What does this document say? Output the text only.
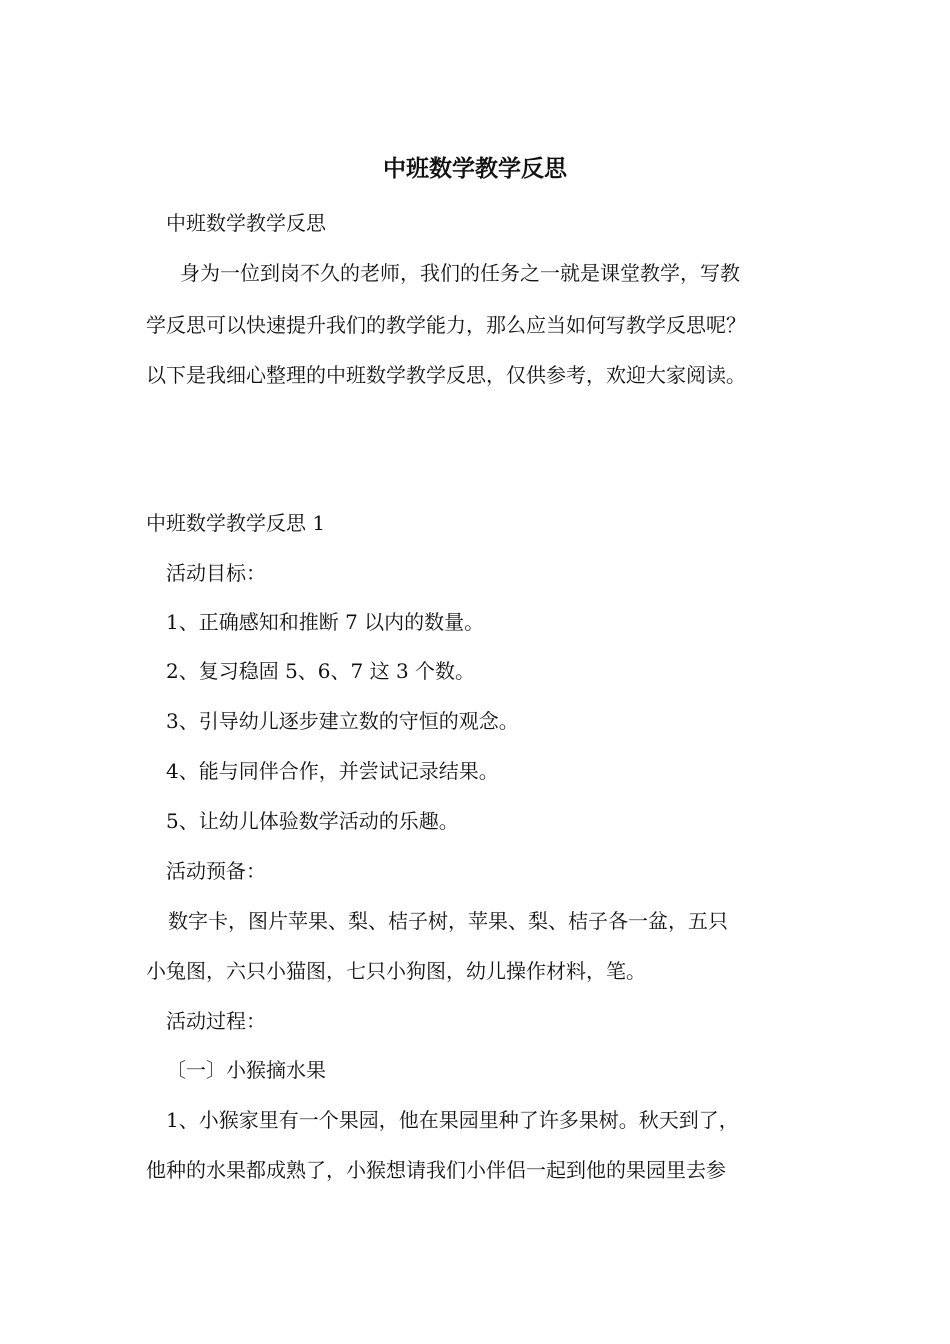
中班数学教学反思

中班数学教学反思

身为一位到岗不久的老师，我们的任务之一就是课堂教学，写教

学反思可以快速提升我们的教学能力，那么应当如何写教学反思呢？

以下是我细心整理的中班数学教学反思，仅供参考，欢迎大家阅读。

中班数学教学反思 1

活动目标：

1、正确感知和推断 7 以内的数量。

2、复习稳固 5、6、7 这 3 个数。

3、引导幼儿逐步建立数的守恒的观念。

4、能与同伴合作，并尝试记录结果。

5、让幼儿体验数学活动的乐趣。

活动预备：

数字卡，图片苹果、梨、桔子树，苹果、梨、桔子各一盆，五只

小兔图，六只小猫图，七只小狗图，幼儿操作材料，笔。

活动过程：

〔一〕小猴摘水果

1、小猴家里有一个果园，他在果园里种了许多果树。秋天到了，

他种的水果都成熟了，小猴想请我们小伴侣一起到他的果园里去参
